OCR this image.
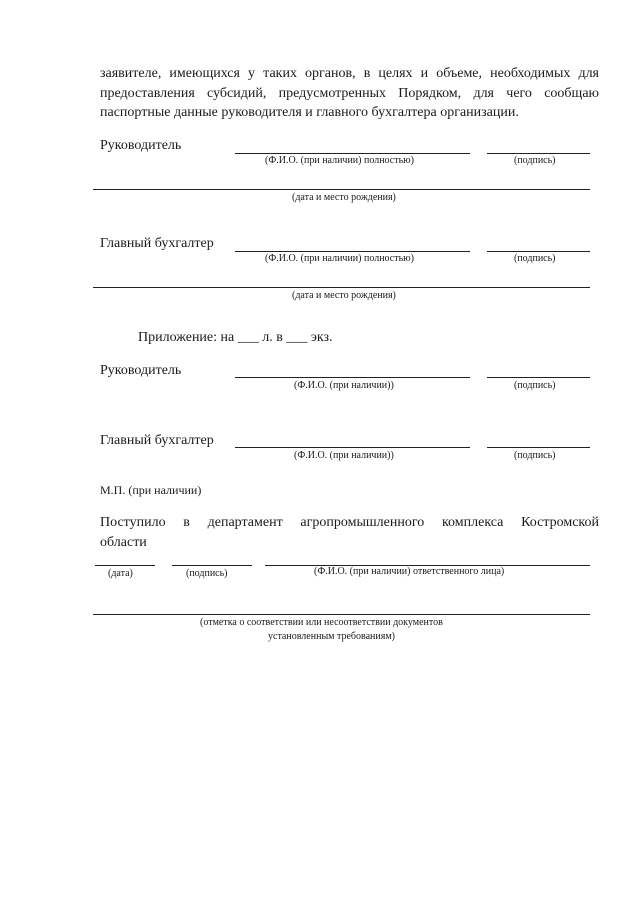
заявителе, имеющихся у таких органов, в целях и объеме, необходимых для
предоставления субсидий, предусмотренных Порядком, для чего сообщаю
паспортные данные руководителя и главного бухгалтера организации.
Руководитель
(Ф.И.О. (при наличии) полностью)	(подпись)
(дата и место рождения)
Главный бухгалтер
(Ф.И.О. (при наличии) полностью)	(подпись)
(дата и место рождения)
Приложение: на ___ л. в ___ экз.
Руководитель
(Ф.И.О. (при наличии))	(подпись)
Главный бухгалтер
(Ф.И.О. (при наличии))	(подпись)
М.П. (при наличии)
Поступило в департамент агропромышленного комплекса Костромской
области
(дата)	(подпись)	(Ф.И.О. (при наличии) ответственного лица)
(отметка о соответствии или несоответствии документов
установленным требованиям)
